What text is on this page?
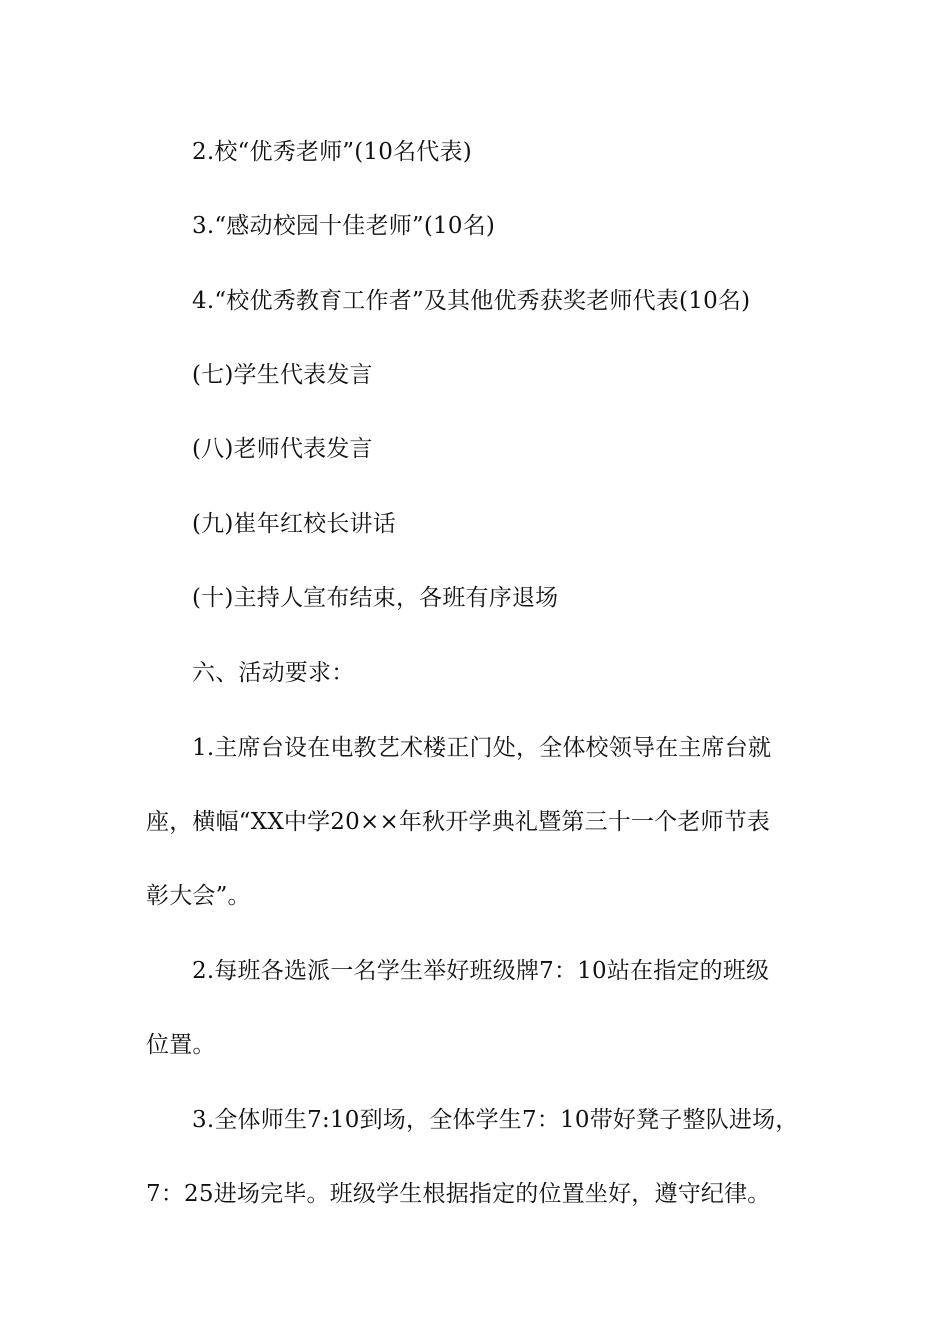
2.校“优秀老师”(10名代表)
3.“感动校园十佳老师”(10名)
4.“校优秀教育工作者”及其他优秀获奖老师代表(10名)
(七)学生代表发言
(八)老师代表发言
(九)崔年红校长讲话
(十)主持人宣布结束，各班有序退场
六、活动要求：
1.主席台设在电教艺术楼正门处，全体校领导在主席台就
座，横幅“XX中学20××年秋开学典礼暨第三十一个老师节表
彰大会”。
2.每班各选派一名学生举好班级牌7：10站在指定的班级
位置。
3.全体师生7:10到场，全体学生7：10带好凳子整队进场，
7：25进场完毕。班级学生根据指定的位置坐好，遵守纪律。
